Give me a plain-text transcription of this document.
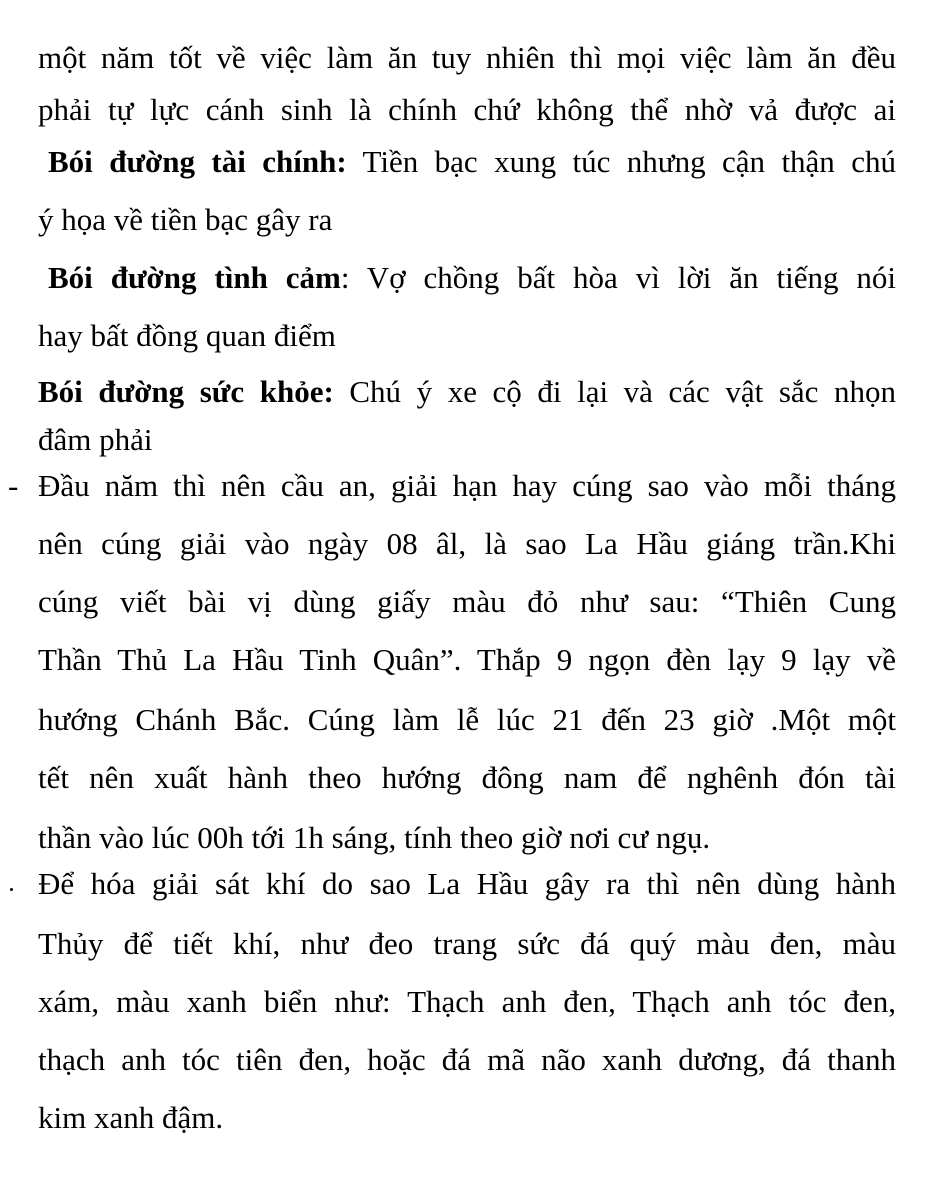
một năm tốt về việc làm ăn tuy nhiên thì mọi việc làm ăn đều
phải tự lực cánh sinh là chính chứ không thể nhờ vả được ai
Bói đường tài chính: Tiền bạc xung túc nhưng cận thận chú
ý họa về tiền bạc gây ra
Bói đường tình cảm: Vợ chồng bất hòa vì lời ăn tiếng nói
hay bất đồng quan điểm
Bói đường sức khỏe: Chú ý xe cộ đi lại và các vật sắc nhọn
đâm phải
- Đầu năm thì nên cầu an, giải hạn hay cúng sao vào mỗi tháng
nên cúng giải vào ngày 08 âl, là sao La Hầu giáng trần.Khi
cúng viết bài vị dùng giấy màu đỏ như sau: “Thiên Cung
Thần Thủ La Hầu Tinh Quân”. Thắp 9 ngọn đèn lạy 9 lạy về
hướng Chánh Bắc. Cúng làm lễ lúc 21 đến 23 giờ .Một một
tết nên xuất hành theo hướng đông nam để nghênh đón tài
thần vào lúc 00h tới 1h sáng, tính theo giờ nơi cư ngụ.
Để hóa giải sát khí do sao La Hầu gây ra thì nên dùng hành
Thủy để tiết khí, như đeo trang sức đá quý màu đen, màu
xám, màu xanh biển như: Thạch anh đen, Thạch anh tóc đen,
thạch anh tóc tiên đen, hoặc đá mã não xanh dương, đá thanh
kim xanh đậm.
